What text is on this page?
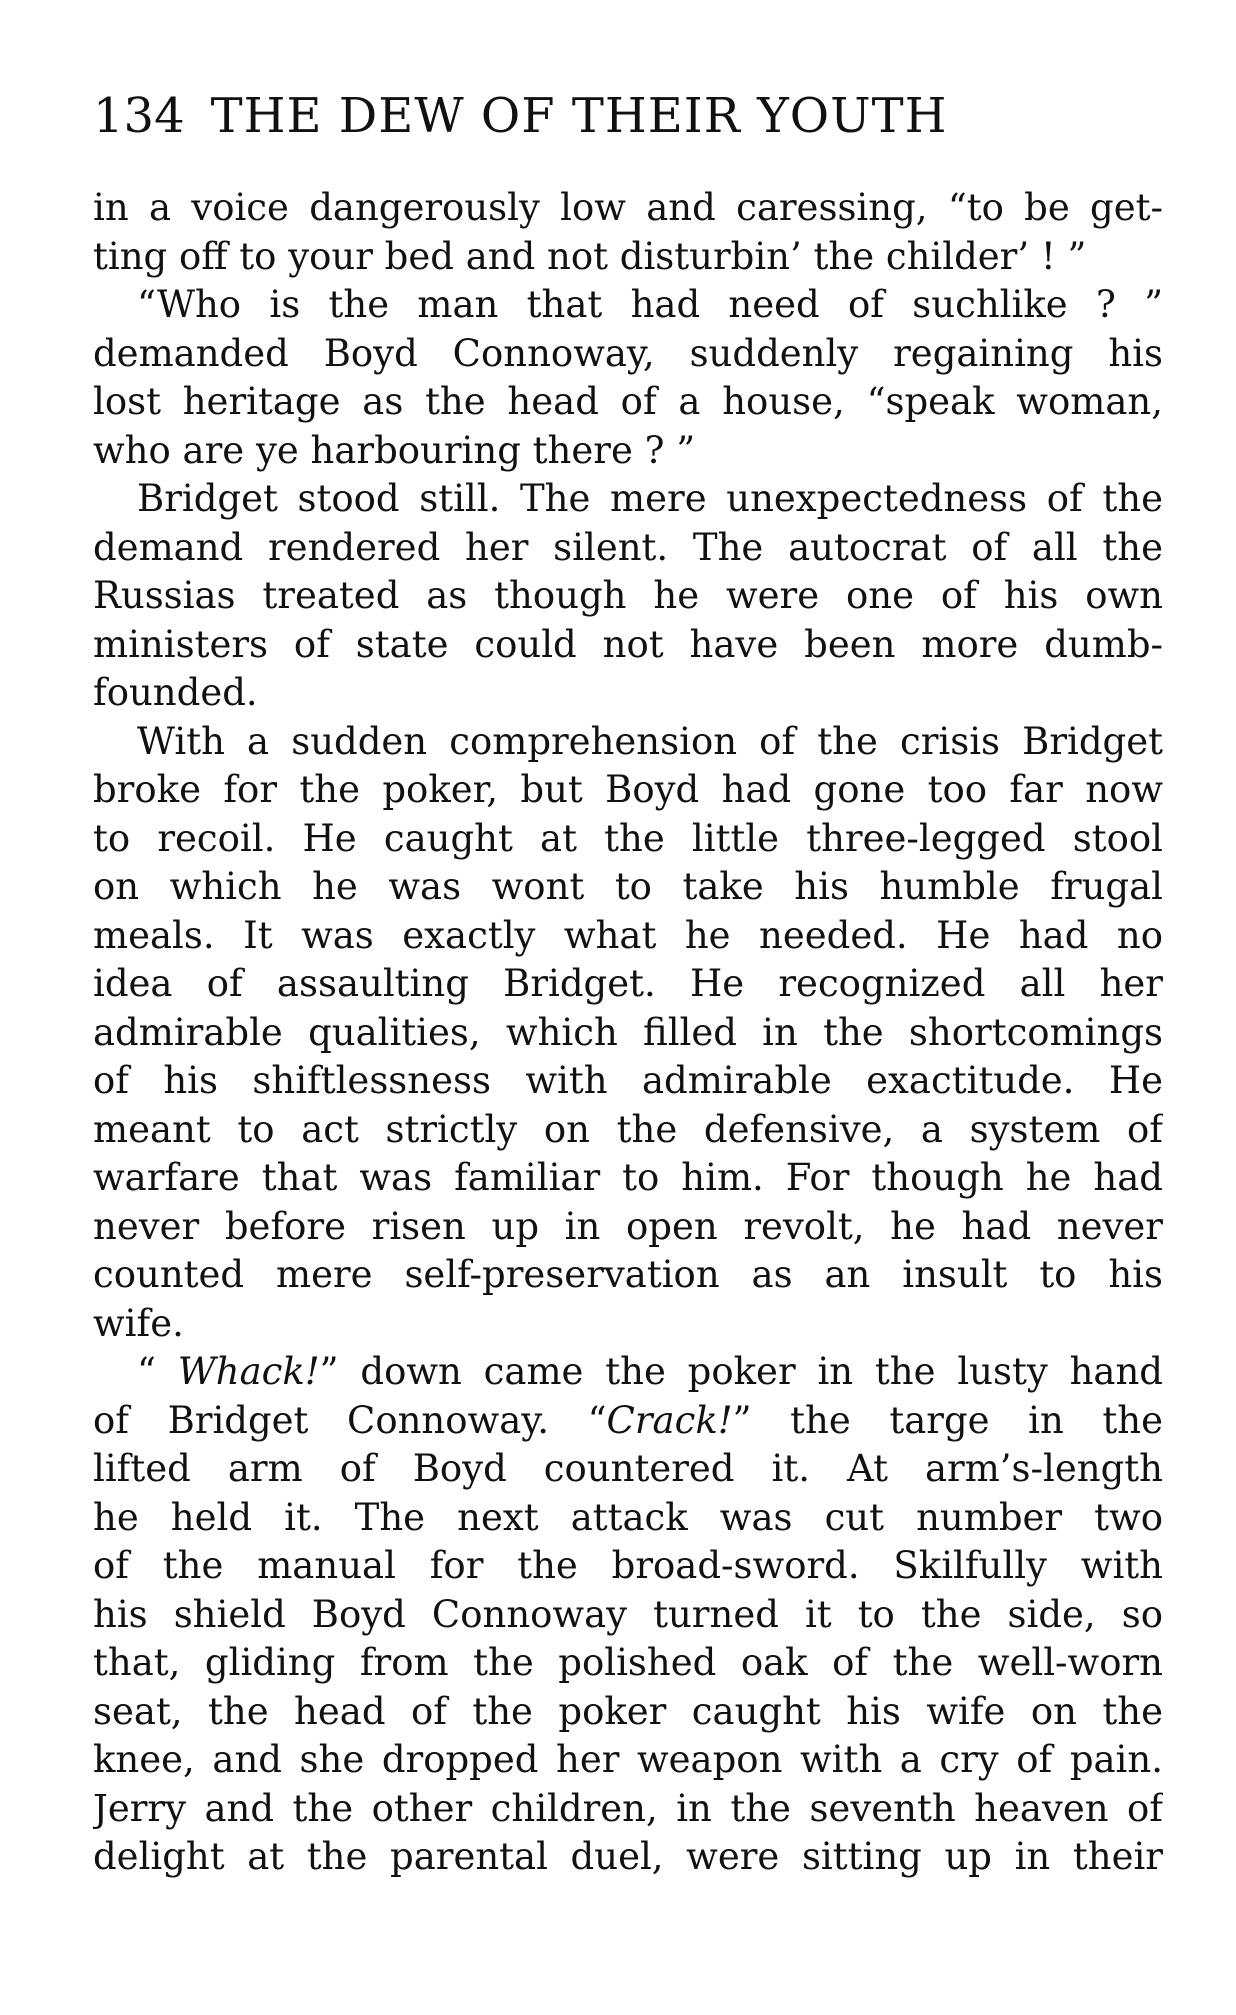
134 THE DEW OF THEIR YOUTH
in a voice dangerously low and caressing, “to be get-
ting off to your bed and not disturbin’ the childer’ ! ”
“Who is the man that had need of suchlike ? ”
demanded Boyd Connoway, suddenly regaining his
lost heritage as the head of a house, “speak woman,
who are ye harbouring there ? ”
Bridget stood still. The mere unexpectedness of the
demand rendered her silent. The autocrat of all the
Russias treated as though he were one of his own
ministers of state could not have been more dumb-
founded.
With a sudden comprehension of the crisis Bridget
broke for the poker, but Boyd had gone too far now
to recoil. He caught at the little three-legged stool
on which he was wont to take his humble frugal
meals. It was exactly what he needed. He had no
idea of assaulting Bridget. He recognized all her
admirable qualities, which filled in the shortcomings
of his shiftlessness with admirable exactitude. He
meant to act strictly on the defensive, a system of
warfare that was familiar to him. For though he had
never before risen up in open revolt, he had never
counted mere self-preservation as an insult to his
wife.
“ Whack!” down came the poker in the lusty hand
of Bridget Connoway. “Crack!” the targe in the
lifted arm of Boyd countered it. At arm’s-length
he held it. The next attack was cut number two
of the manual for the broad-sword. Skilfully with
his shield Boyd Connoway turned it to the side, so
that, gliding from the polished oak of the well-worn
seat, the head of the poker caught his wife on the
knee, and she dropped her weapon with a cry of pain.
Jerry and the other children, in the seventh heaven of
delight at the parental duel, were sitting up in their
